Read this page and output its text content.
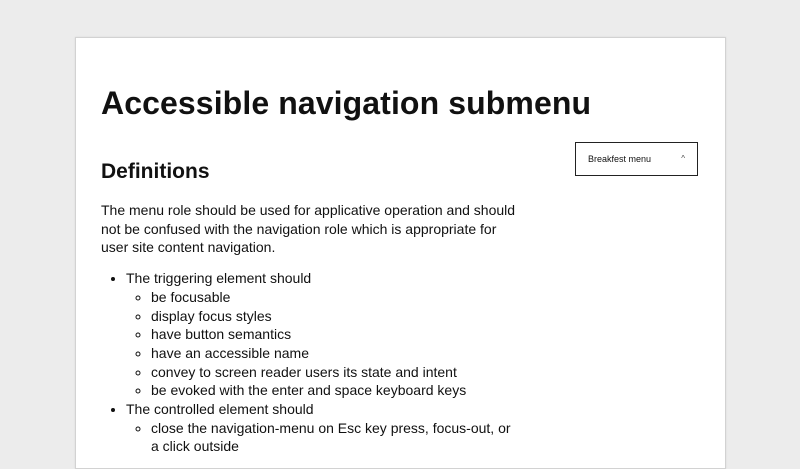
Accessible navigation submenu
Definitions

The menu role should be used for applicative operation and should not be confused with the navigation role which is appropriate for user site content navigation.

• The triggering element should
◦ be focusable
◦ display focus styles
◦ have button semantics
◦ have an accessible name
◦ convey to screen reader users its state and intent
◦ be evoked with the enter and space keyboard keys
• The controlled element should
◦ close the navigation-menu on Esc key press, focus-out, or a click outside
Breakfest menu	^
